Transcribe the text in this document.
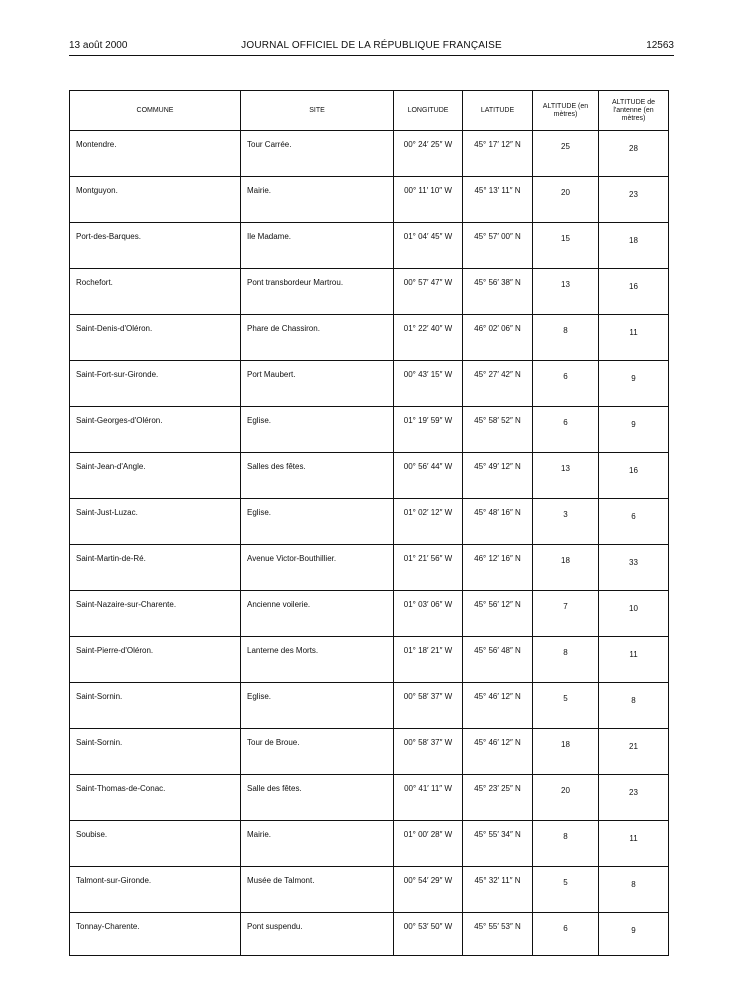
13 août 2000	JOURNAL OFFICIEL DE LA RÉPUBLIQUE FRANÇAISE	12563
COMMUNE	SITE	LONGITUDE	LATITUDE	ALTITUDE (en mètres)	ALTITUDE de l'antenne (en mètres)

Montendre.	Tour Carrée.	00° 24′ 25″ W	45° 17′ 12″ N	25	28

Montguyon.	Mairie.	00° 11′ 10″ W	45° 13′ 11″ N	20	23

Port-des-Barques.	Ile Madame.	01° 04′ 45″ W	45° 57′ 00″ N	15	18

Rochefort.	Pont transbordeur Martrou.	00° 57′ 47″ W	45° 56′ 38″ N	13	16

Saint-Denis-d'Oléron.	Phare de Chassiron.	01° 22′ 40″ W	46° 02′ 06″ N	8	11

Saint-Fort-sur-Gironde.	Port Maubert.	00° 43′ 15″ W	45° 27′ 42″ N	6	9

Saint-Georges-d'Oléron.	Eglise.	01° 19′ 59″ W	45° 58′ 52″ N	6	9

Saint-Jean-d'Angle.	Salles des fêtes.	00° 56′ 44″ W	45° 49′ 12″ N	13	16

Saint-Just-Luzac.	Eglise.	01° 02′ 12″ W	45° 48′ 16″ N	3	6

Saint-Martin-de-Ré.	Avenue Victor-Bouthillier.	01° 21′ 56″ W	46° 12′ 16″ N	18	33

Saint-Nazaire-sur-Charente.	Ancienne voilerie.	01° 03′ 06″ W	45° 56′ 12″ N	7	10

Saint-Pierre-d'Oléron.	Lanterne des Morts.	01° 18′ 21″ W	45° 56′ 48″ N	8	11

Saint-Sornin.	Eglise.	00° 58′ 37″ W	45° 46′ 12″ N	5	8

Saint-Sornin.	Tour de Broue.	00° 58′ 37″ W	45° 46′ 12″ N	18	21

Saint-Thomas-de-Conac.	Salle des fêtes.	00° 41′ 11″ W	45° 23′ 25″ N	20	23

Soubise.	Mairie.	01° 00′ 28″ W	45° 55′ 34″ N	8	11

Talmont-sur-Gironde.	Musée de Talmont.	00° 54′ 29″ W	45° 32′ 11″ N	5	8

Tonnay-Charente.	Pont suspendu.	00° 53′ 50″ W	45° 55′ 53″ N	6	9
